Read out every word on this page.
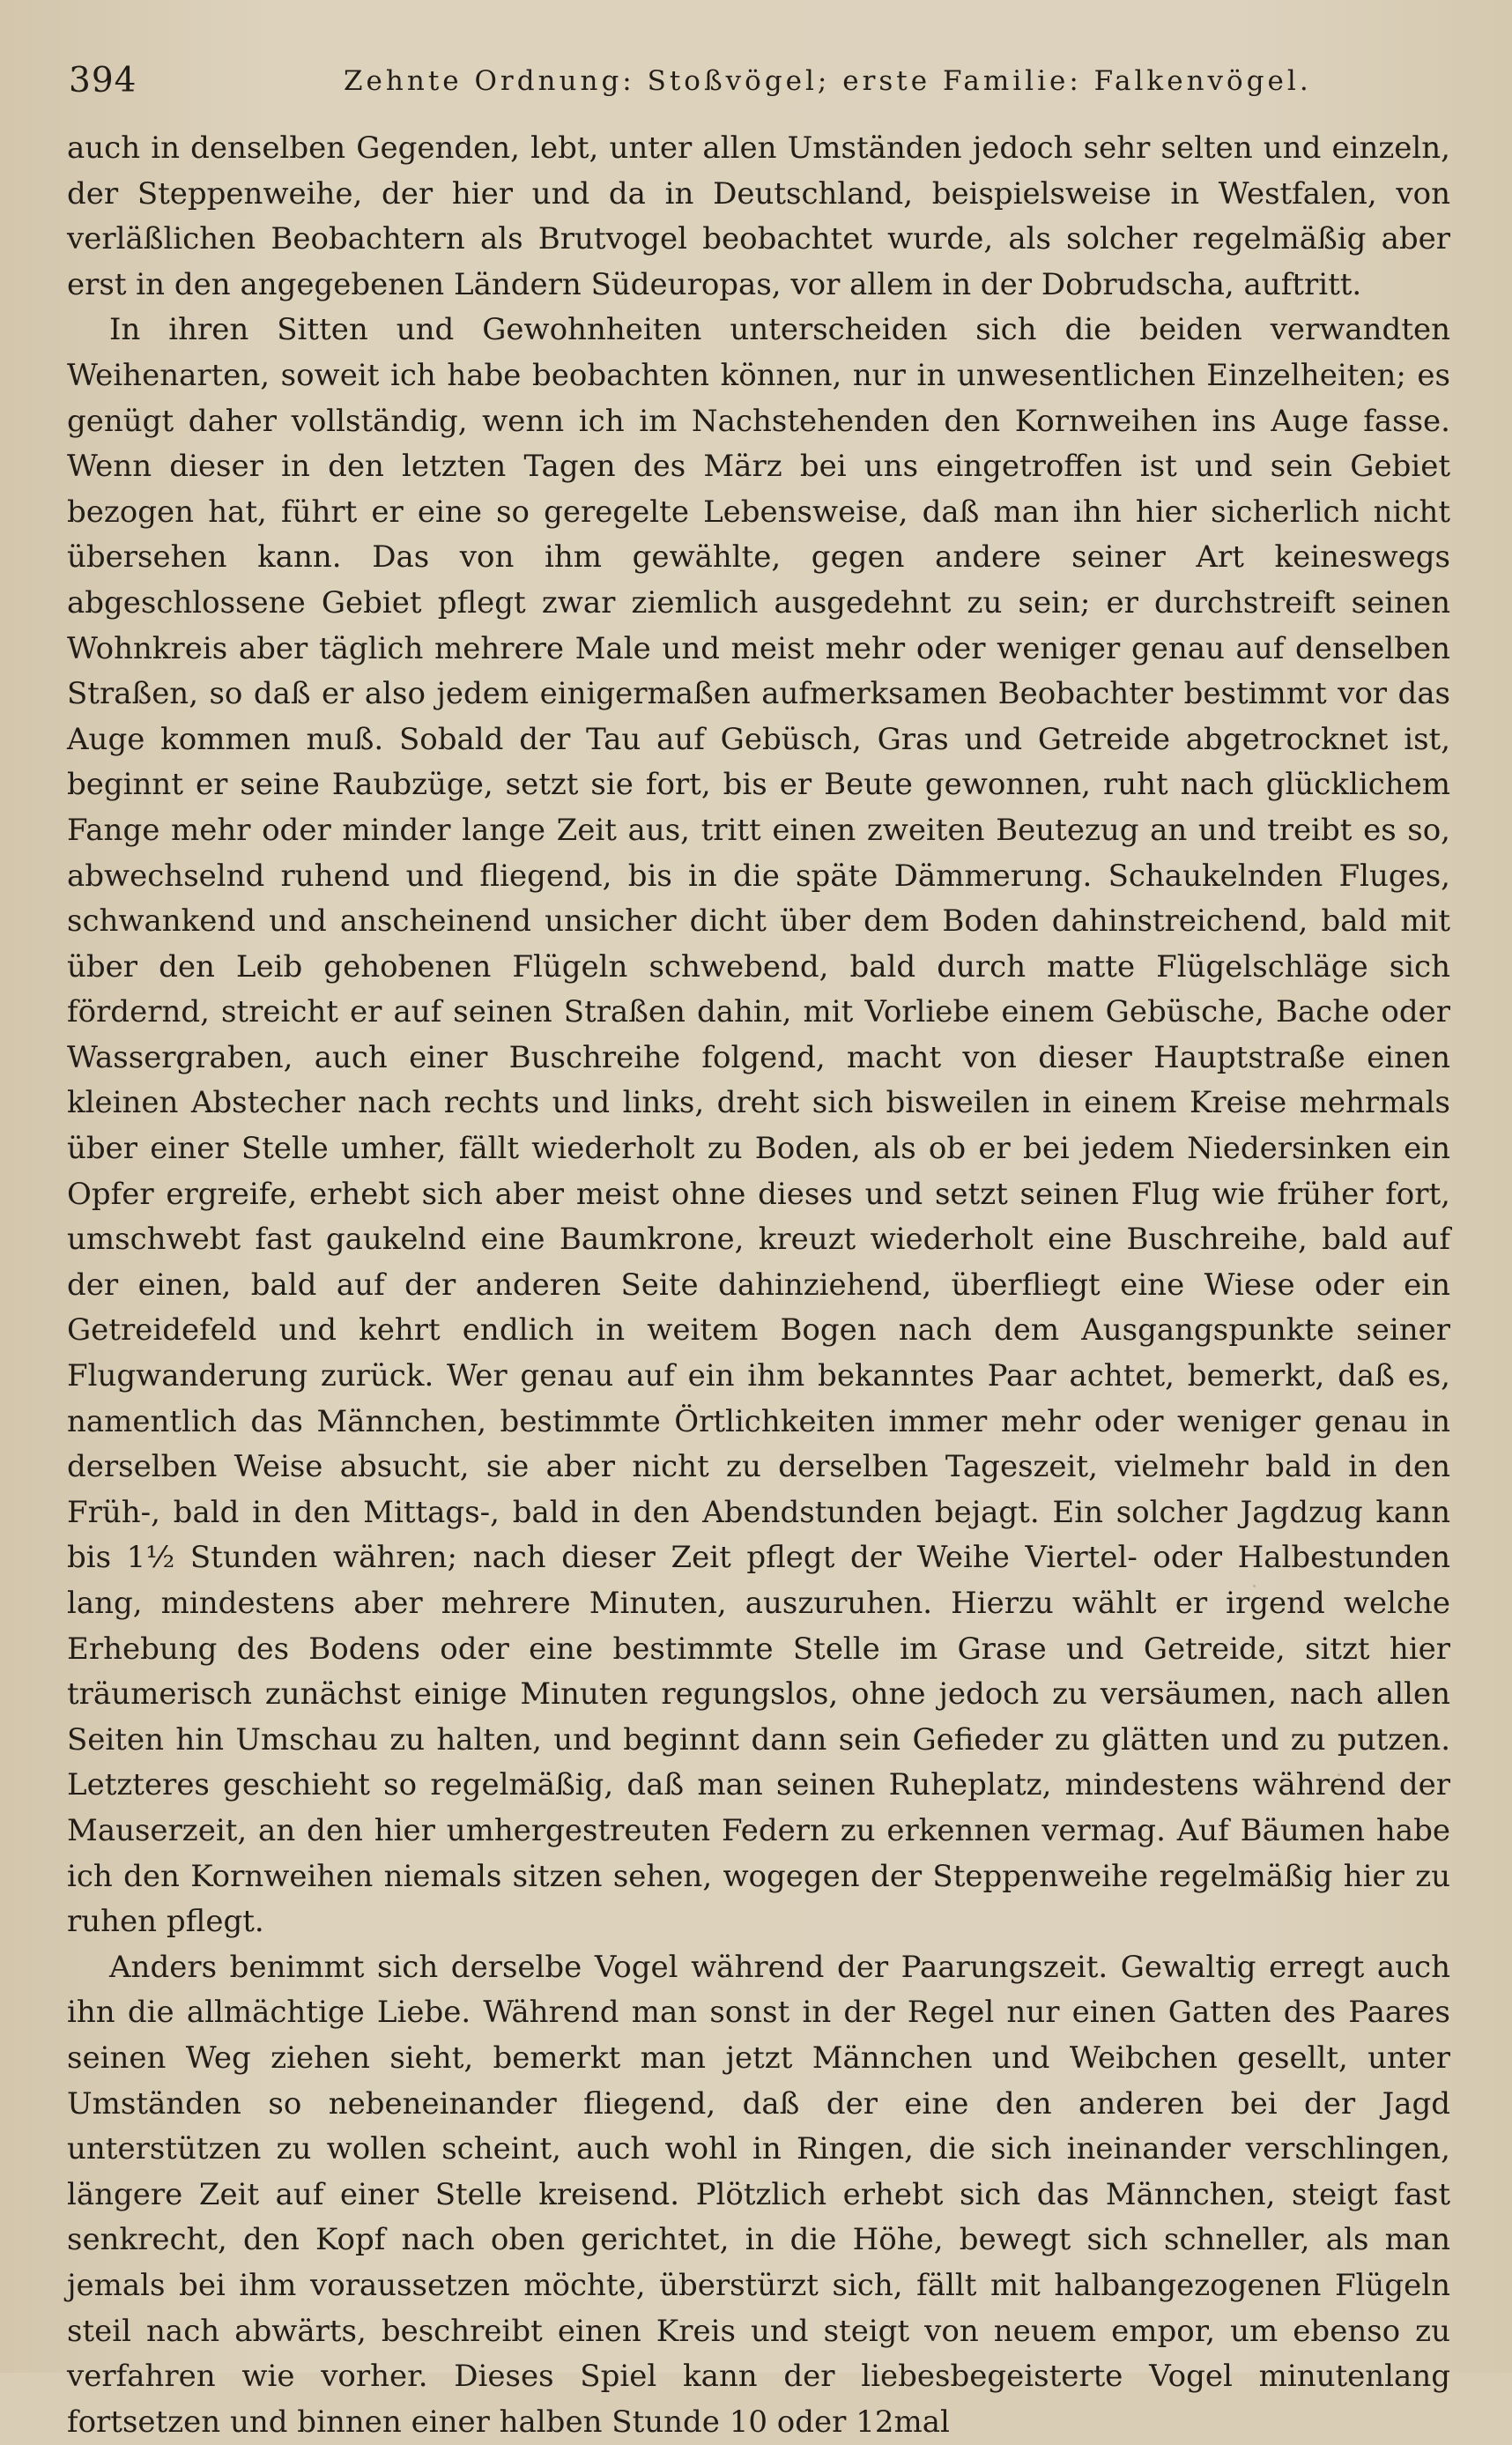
394	Zehnte Ordnung: Stoßvögel; erste Familie: Falkenvögel.

auch in denselben Gegenden, lebt, unter allen Umständen jedoch sehr selten und einzeln, der Steppenweihe, der hier und da in Deutschland, beispielsweise in Westfalen, von verläßlichen Beobachtern als Brutvogel beobachtet wurde, als solcher regelmäßig aber erst in den angegebenen Ländern Südeuropas, vor allem in der Dobrudscha, auftritt.

In ihren Sitten und Gewohnheiten unterscheiden sich die beiden verwandten Weihenarten, soweit ich habe beobachten können, nur in unwesentlichen Einzelheiten; es genügt daher vollständig, wenn ich im Nachstehenden den Kornweihen ins Auge fasse. Wenn dieser in den letzten Tagen des März bei uns eingetroffen ist und sein Gebiet bezogen hat, führt er eine so geregelte Lebensweise, daß man ihn hier sicherlich nicht übersehen kann. Das von ihm gewählte, gegen andere seiner Art keineswegs abgeschlossene Gebiet pflegt zwar ziemlich ausgedehnt zu sein; er durchstreift seinen Wohnkreis aber täglich mehrere Male und meist mehr oder weniger genau auf denselben Straßen, so daß er also jedem einigermaßen aufmerksamen Beobachter bestimmt vor das Auge kommen muß. Sobald der Tau auf Gebüsch, Gras und Getreide abgetrocknet ist, beginnt er seine Raubzüge, setzt sie fort, bis er Beute gewonnen, ruht nach glücklichem Fange mehr oder minder lange Zeit aus, tritt einen zweiten Beutezug an und treibt es so, abwechselnd ruhend und fliegend, bis in die späte Dämmerung. Schaukelnden Fluges, schwankend und anscheinend unsicher dicht über dem Boden dahinstreichend, bald mit über den Leib gehobenen Flügeln schwebend, bald durch matte Flügelschläge sich fördernd, streicht er auf seinen Straßen dahin, mit Vorliebe einem Gebüsche, Bache oder Wassergraben, auch einer Buschreihe folgend, macht von dieser Hauptstraße einen kleinen Abstecher nach rechts und links, dreht sich bisweilen in einem Kreise mehrmals über einer Stelle umher, fällt wiederholt zu Boden, als ob er bei jedem Niedersinken ein Opfer ergreife, erhebt sich aber meist ohne dieses und setzt seinen Flug wie früher fort, umschwebt fast gaukelnd eine Baumkrone, kreuzt wiederholt eine Buschreihe, bald auf der einen, bald auf der anderen Seite dahinziehend, überfliegt eine Wiese oder ein Getreidefeld und kehrt endlich in weitem Bogen nach dem Ausgangspunkte seiner Flugwanderung zurück. Wer genau auf ein ihm bekanntes Paar achtet, bemerkt, daß es, namentlich das Männchen, bestimmte Örtlichkeiten immer mehr oder weniger genau in derselben Weise absucht, sie aber nicht zu derselben Tageszeit, vielmehr bald in den Früh-, bald in den Mittags-, bald in den Abendstunden bejagt. Ein solcher Jagdzug kann bis 1½ Stunden währen; nach dieser Zeit pflegt der Weihe Viertel- oder Halbestunden lang, mindestens aber mehrere Minuten, auszuruhen. Hierzu wählt er irgend welche Erhebung des Bodens oder eine bestimmte Stelle im Grase und Getreide, sitzt hier träumerisch zunächst einige Minuten regungslos, ohne jedoch zu versäumen, nach allen Seiten hin Umschau zu halten, und beginnt dann sein Gefieder zu glätten und zu putzen. Letzteres geschieht so regelmäßig, daß man seinen Ruheplatz, mindestens während der Mauserzeit, an den hier umhergestreuten Federn zu erkennen vermag. Auf Bäumen habe ich den Kornweihen niemals sitzen sehen, wogegen der Steppenweihe regelmäßig hier zu ruhen pflegt.

Anders benimmt sich derselbe Vogel während der Paarungszeit. Gewaltig erregt auch ihn die allmächtige Liebe. Während man sonst in der Regel nur einen Gatten des Paares seinen Weg ziehen sieht, bemerkt man jetzt Männchen und Weibchen gesellt, unter Umständen so nebeneinander fliegend, daß der eine den anderen bei der Jagd unterstützen zu wollen scheint, auch wohl in Ringen, die sich ineinander verschlingen, längere Zeit auf einer Stelle kreisend. Plötzlich erhebt sich das Männchen, steigt fast senkrecht, den Kopf nach oben gerichtet, in die Höhe, bewegt sich schneller, als man jemals bei ihm voraussetzen möchte, überstürzt sich, fällt mit halbangezogenen Flügeln steil nach abwärts, beschreibt einen Kreis und steigt von neuem empor, um ebenso zu verfahren wie vorher. Dieses Spiel kann der liebesbegeisterte Vogel minutenlang fortsetzen und binnen einer halben Stunde 10 oder 12mal
